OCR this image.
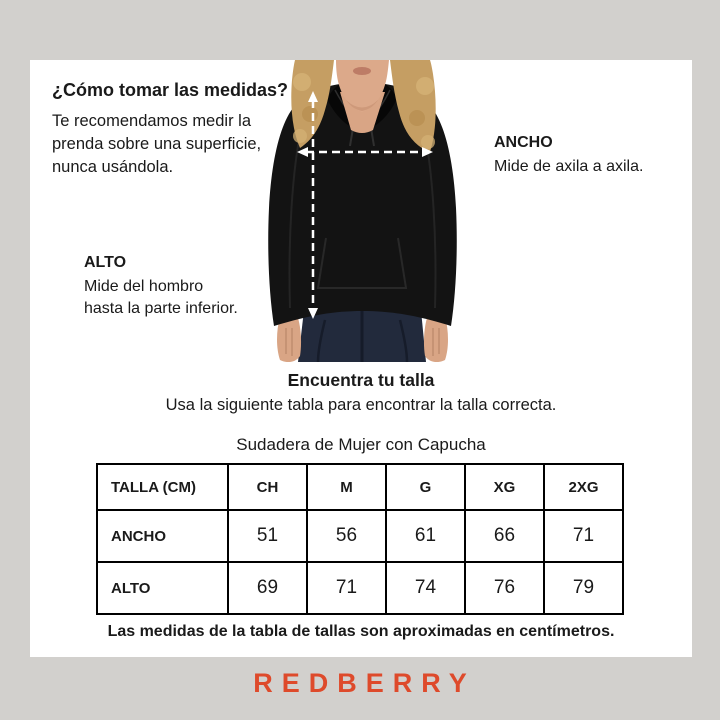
¿Cómo tomar las medidas?
Te recomendamos medir la
prenda sobre una superficie,
nunca usándola.
ANCHO
Mide de axila a axila.
ALTO
Mide del hombro
hasta la parte inferior.
Encuentra tu talla
Usa la siguiente tabla para encontrar la talla correcta.
Sudadera de Mujer con Capucha
TALLA (CM)	CH	M	G	XG	2XG
ANCHO	51	56	61	66	71
ALTO	69	71	74	76	79
Las medidas de la tabla de tallas son aproximadas en centímetros.
REDBERRY
